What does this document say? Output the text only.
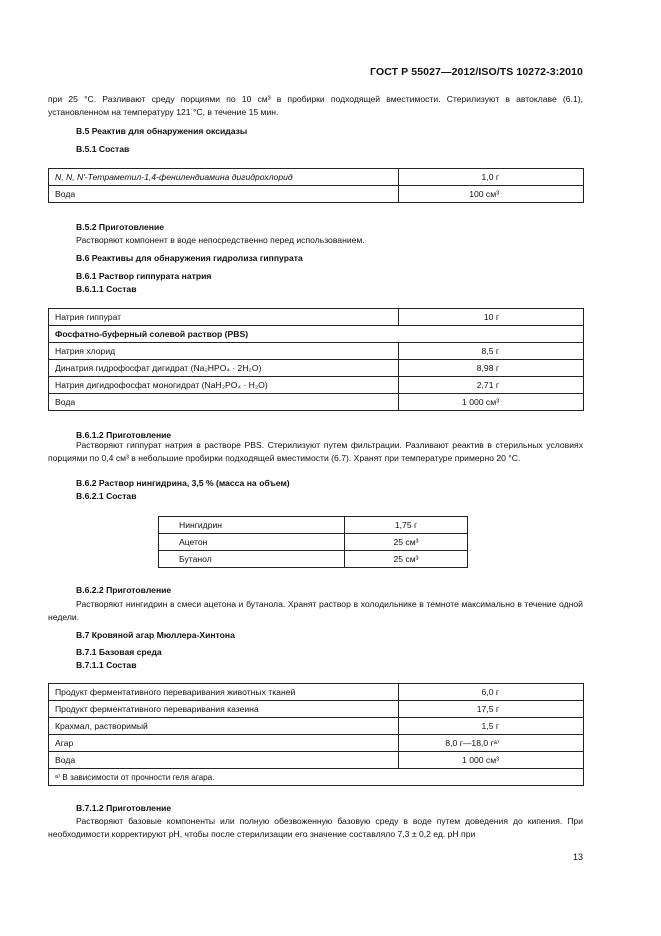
ГОСТ Р 55027—2012/ISO/TS 10272-3:2010
при 25 °С. Разливают среду порциями по 10 см³ в пробирки подходящей вместимости. Стерилизуют в автоклаве (6.1), установленном на температуру 121 °С, в течение 15 мин.
В.5 Реактив для обнаружения оксидазы
В.5.1 Состав
N, N, N′-Тетраметил-1,4-фенилендиамина дигидрохлорид	1,0 г
Вода	100 см³
В.5.2 Приготовление
Растворяют компонент в воде непосредственно перед использованием.
В.6 Реактивы для обнаружения гидролиза гиппурата
В.6.1 Раствор гиппурата натрия
В.6.1.1 Состав
Натрия гиппурат	10 г
Фосфатно-буферный солевой раствор (PBS)	
Натрия хлорид	8,5 г
Динатрия гидрофосфат дигидрат (Na₂HPO₄ · 2H₂O)	8,98 г
Натрия дигидрофосфат моногидрат (NaH₂PO₄ · H₂O)	2,71 г
Вода	1 000 см³
В.6.1.2 Приготовление
Растворяют гиппурат натрия в растворе PBS. Стерилизуют путем фильтрации. Разливают реактив в стерильных условиях порциями по 0,4 см³ в небольшие пробирки подходящей вместимости (6.7). Хранят при температуре примерно 20 °С.
В.6.2 Раствор нингидрина, 3,5 % (масса на объем)
В.6.2.1 Состав
Нингидрин	1,75 г
Ацетон	25 см³
Бутанол	25 см³
В.6.2.2 Приготовление
Растворяют нингидрин в смеси ацетона и бутанола. Хранят раствор в холодильнике в темноте максимально в течение одной недели.
В.7 Кровяной агар Мюллера-Хинтона
В.7.1 Базовая среда
В.7.1.1 Состав
Продукт ферментативного переваривания животных тканей	6,0 г
Продукт ферментативного переваривания казеина	17,5 г
Крахмал, растворимый	1,5 г
Агар	8,0 г—18,0 гᵃ⁾
Вода	1 000 см³
ᵃ⁾ В зависимости от прочности геля агара.	
В.7.1.2 Приготовление
Растворяют базовые компоненты или полную обезвоженную базовую среду в воде путем доведения до кипения. При необходимости корректируют pH, чтобы после стерилизации его значение составляло 7,3 ± 0,2 ед. pH при
13
